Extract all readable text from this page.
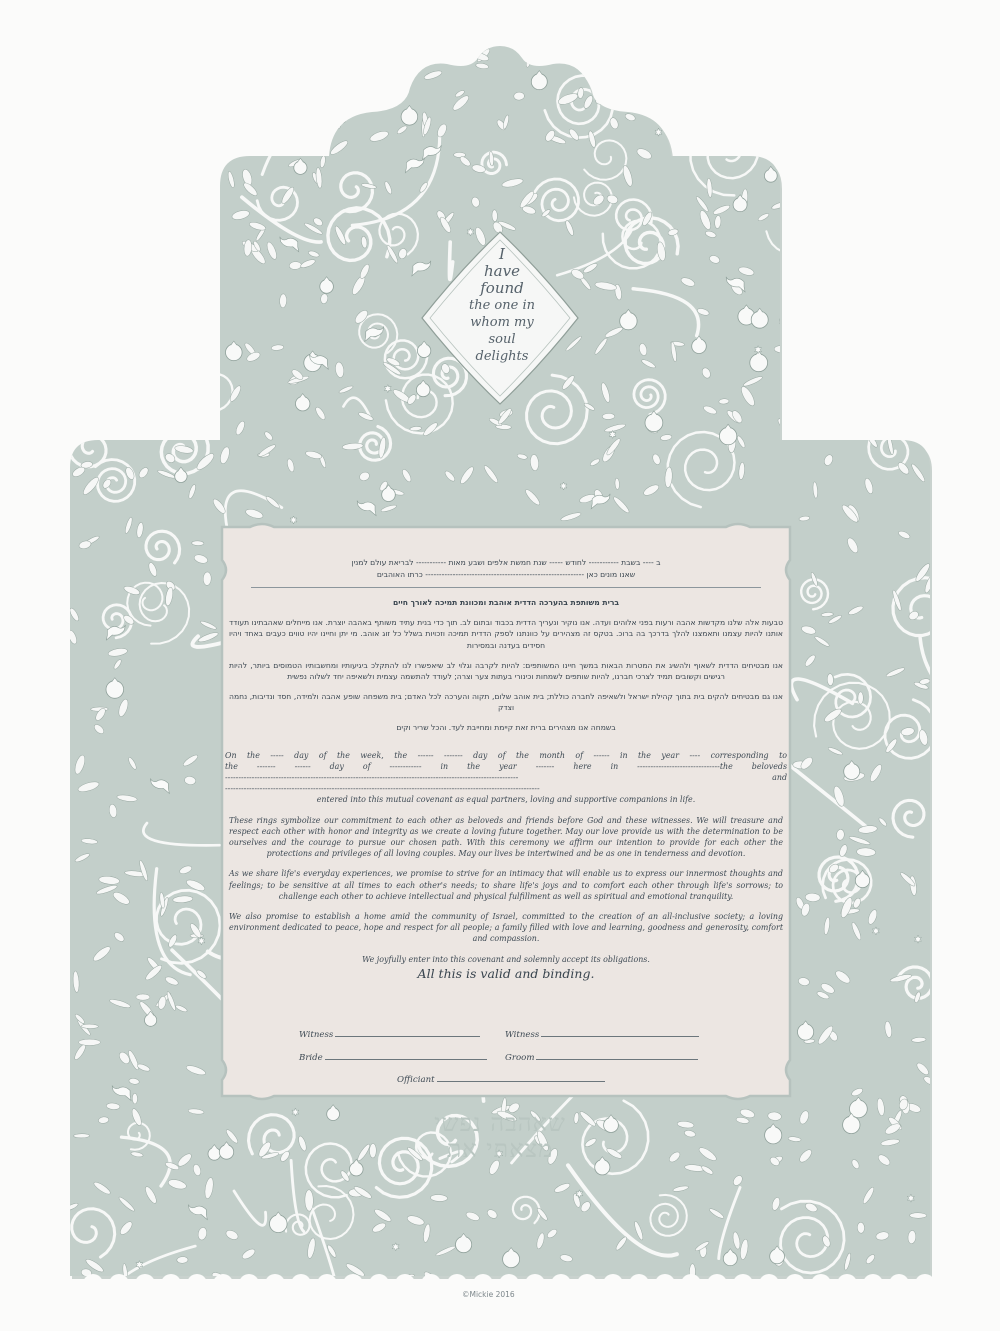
I
have
found
the one in
whom my
soul
delights
ב ---- בשבת ----------- לחודש ----- שנת חמשת אלפים ושבע מאות ----------- לבריאת עולם למנין
שאנו מונים כאן ---------------------------------------------------------- כרתו האוהבים
ברית משותפת בהערכה הדדית אוהבת ומכוונת תמיכה לאורך חיים
טבעות אלה שלנו מקדשות אהבה ורעות בפני אלוהים ועדה. אנו נוקיר ונעריך הדדית בכבוד ובתום לב. תוך כדי בנית עתיד משותף באהבה יוצרת. אנו מייחלים שאהבתינו תעודד אותנו להיות עצמנו ותאמצנו להלך בדרכך בה ברוכ. בטקס זה מצהירים על כוונתנו לספק הדדית תמיכה וזכויות בשלל כל זוג אוהב. מי יתן וחיינו יהיו טווים כעבים באחד ויהיו חסידים בעדנה ובמסירות
אנו מבטיחים הדדית לשאוף ולהשיג את המטרות הבאות במשך חיינו המשותפים: להיות לקרבה וגלוי לב שיאפשרו לנו להתקלכ ביגיעותיו ומחשבותיו הטמוסים ביותר, להיות רגישים וקשובים תמיד לצרכי חברנו, להיות שותפים לשמחות וכינורי בעתות צער וצרה; לעודד להתשמה עצמית ולשאיפה יחד לשלוה נפשית
אנו גם מבטיחים להקים בית בתוך קהילת ישראל ולשאיפה לחברה כוללת; בית אוהב שלום, תקוה והערכה לכל האדם; בית משפחה שופע אהבה ולמידה, חסד ונדיבות, נחמה וצדק
בשמחה אנו מצהירים ברית זאת קיימת ומחייבת לעד. והכל שריר וקים
On the ----- day of the week, the ------ ------- day of the month of ------ in the year ---- corresponding to
the ------- ------ day of ------------ in the year ------- here in -------------------------------the beloveds
-------------------------------------------------------------------------------------------------------------- and
----------------------------------------------------------------------------------------------------------------------
entered into this mutual covenant as equal partners, loving and supportive companions in life.
These rings symbolize our commitment to each other as beloveds and friends before God and these witnesses. We will treasure and respect each other with honor and integrity as we create a loving future together. May our love provide us with the determination to be ourselves and the courage to pursue our chosen path. With this ceremony we affirm our intention to provide for each other the protections and privileges of all loving couples. May our lives be intertwined and be as one in tenderness and devotion.
As we share life's everyday experiences, we promise to strive for an intimacy that will enable us to express our innermost thoughts and feelings; to be sensitive at all times to each other's needs; to share life's joys and to comfort each other through life's sorrows; to challenge each other to achieve intellectual and physical fulfillment as well as spiritual and emotional tranquility.
We also promise to establish a home amid the community of Israel, committed to the creation of an all-inclusive society; a loving environment dedicated to peace, hope and respect for all people; a family filled with love and learning, goodness and generosity, comfort and compassion.
We joyfully enter into this covenant and solemnly accept its obligations.
All this is valid and binding.
Witness	Witness
Bride	Groom
Officiant
שאהבה נפשי מצאתי את
©Mickie 2016
